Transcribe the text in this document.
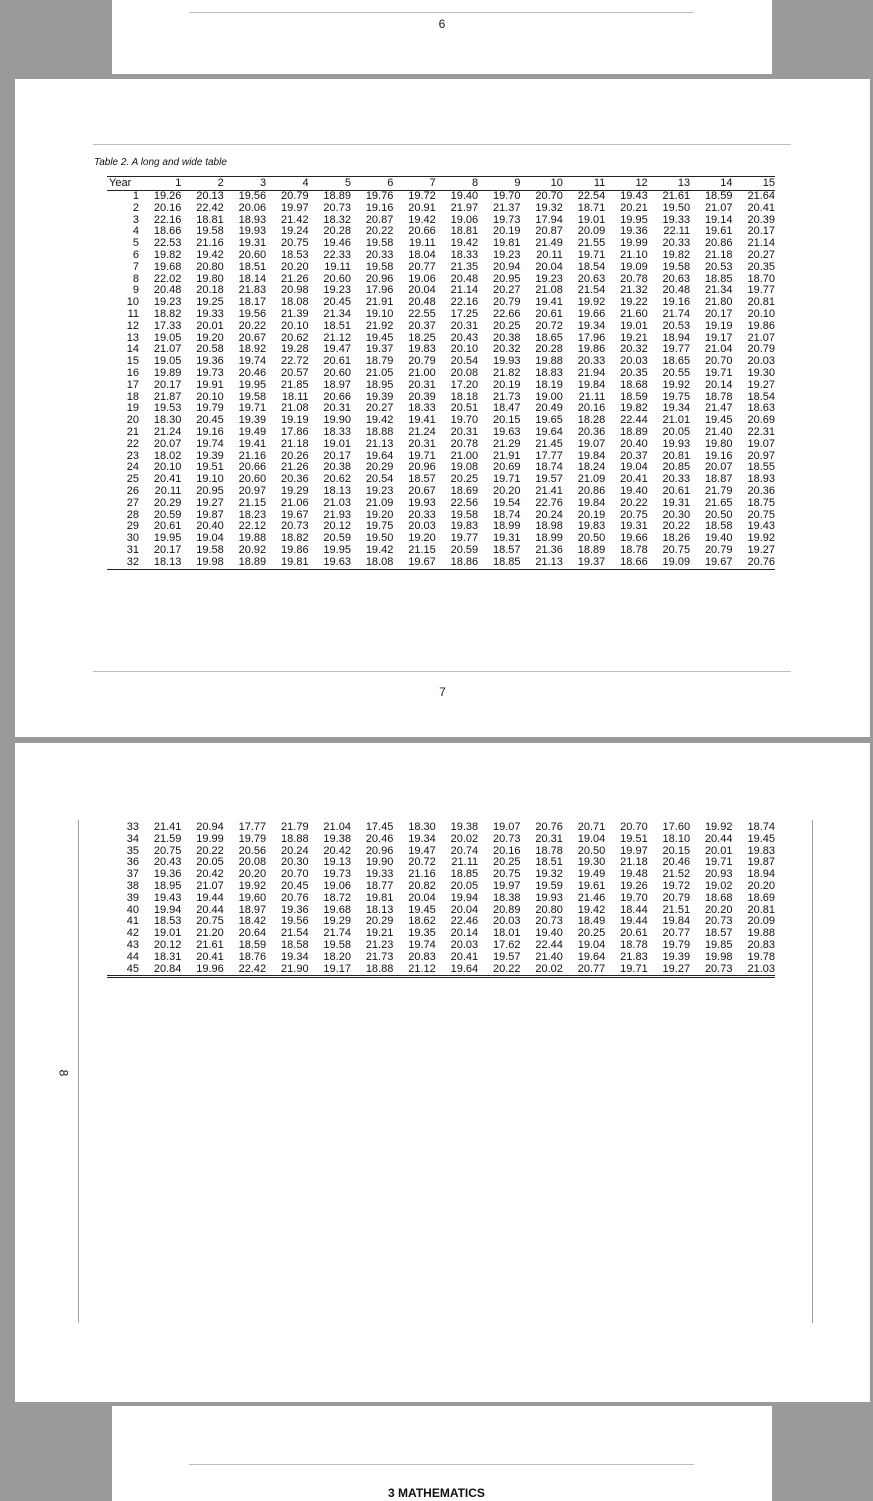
6
7
Table 2. A long and wide table
Year	1	2	3	4	5	6	7	8	9	10	11	12	13	14	15
1	19.26	20.13	19.56	20.79	18.89	19.76	19.72	19.40	19.70	20.70	22.54	19.43	21.61	18.59	21.64
2	20.16	22.42	20.06	19.97	20.73	19.16	20.91	21.97	21.37	19.32	18.71	20.21	19.50	21.07	20.41
3	22.16	18.81	18.93	21.42	18.32	20.87	19.42	19.06	19.73	17.94	19.01	19.95	19.33	19.14	20.39
4	18.66	19.58	19.93	19.24	20.28	20.22	20.66	18.81	20.19	20.87	20.09	19.36	22.11	19.61	20.17
5	22.53	21.16	19.31	20.75	19.46	19.58	19.11	19.42	19.81	21.49	21.55	19.99	20.33	20.86	21.14
6	19.82	19.42	20.60	18.53	22.33	20.33	18.04	18.33	19.23	20.11	19.71	21.10	19.82	21.18	20.27
7	19.68	20.80	18.51	20.20	19.11	19.58	20.77	21.35	20.94	20.04	18.54	19.09	19.58	20.53	20.35
8	22.02	19.80	18.14	21.26	20.60	20.96	19.06	20.48	20.95	19.23	20.63	20.78	20.63	18.85	18.70
9	20.48	20.18	21.83	20.98	19.23	17.96	20.04	21.14	20.27	21.08	21.54	21.32	20.48	21.34	19.77
10	19.23	19.25	18.17	18.08	20.45	21.91	20.48	22.16	20.79	19.41	19.92	19.22	19.16	21.80	20.81
11	18.82	19.33	19.56	21.39	21.34	19.10	22.55	17.25	22.66	20.61	19.66	21.60	21.74	20.17	20.10
12	17.33	20.01	20.22	20.10	18.51	21.92	20.37	20.31	20.25	20.72	19.34	19.01	20.53	19.19	19.86
13	19.05	19.20	20.67	20.62	21.12	19.45	18.25	20.43	20.38	18.65	17.96	19.21	18.94	19.17	21.07
14	21.07	20.58	18.92	19.28	19.47	19.37	19.83	20.10	20.32	20.28	19.86	20.32	19.77	21.04	20.79
15	19.05	19.36	19.74	22.72	20.61	18.79	20.79	20.54	19.93	19.88	20.33	20.03	18.65	20.70	20.03
16	19.89	19.73	20.46	20.57	20.60	21.05	21.00	20.08	21.82	18.83	21.94	20.35	20.55	19.71	19.30
17	20.17	19.91	19.95	21.85	18.97	18.95	20.31	17.20	20.19	18.19	19.84	18.68	19.92	20.14	19.27
18	21.87	20.10	19.58	18.11	20.66	19.39	20.39	18.18	21.73	19.00	21.11	18.59	19.75	18.78	18.54
19	19.53	19.79	19.71	21.08	20.31	20.27	18.33	20.51	18.47	20.49	20.16	19.82	19.34	21.47	18.63
20	18.30	20.45	19.39	19.19	19.90	19.42	19.41	19.70	20.15	19.65	18.28	22.44	21.01	19.45	20.69
21	21.24	19.16	19.49	17.86	18.33	18.88	21.24	20.31	19.63	19.64	20.36	18.89	20.05	21.40	22.31
22	20.07	19.74	19.41	21.18	19.01	21.13	20.31	20.78	21.29	21.45	19.07	20.40	19.93	19.80	19.07
23	18.02	19.39	21.16	20.26	20.17	19.64	19.71	21.00	21.91	17.77	19.84	20.37	20.81	19.16	20.97
24	20.10	19.51	20.66	21.26	20.38	20.29	20.96	19.08	20.69	18.74	18.24	19.04	20.85	20.07	18.55
25	20.41	19.10	20.60	20.36	20.62	20.54	18.57	20.25	19.71	19.57	21.09	20.41	20.33	18.87	18.93
26	20.11	20.95	20.97	19.29	18.13	19.23	20.67	18.69	20.20	21.41	20.86	19.40	20.61	21.79	20.36
27	20.29	19.27	21.15	21.06	21.03	21.09	19.93	22.56	19.54	22.76	19.84	20.22	19.31	21.65	18.75
28	20.59	19.87	18.23	19.67	21.93	19.20	20.33	19.58	18.74	20.24	20.19	20.75	20.30	20.50	20.75
29	20.61	20.40	22.12	20.73	20.12	19.75	20.03	19.83	18.99	18.98	19.83	19.31	20.22	18.58	19.43
30	19.95	19.04	19.88	18.82	20.59	19.50	19.20	19.77	19.31	18.99	20.50	19.66	18.26	19.40	19.92
31	20.17	19.58	20.92	19.86	19.95	19.42	21.15	20.59	18.57	21.36	18.89	18.78	20.75	20.79	19.27
32	18.13	19.98	18.89	19.81	19.63	18.08	19.67	18.86	18.85	21.13	19.37	18.66	19.09	19.67	20.76
8
33	21.41	20.94	17.77	21.79	21.04	17.45	18.30	19.38	19.07	20.76	20.71	20.70	17.60	19.92	18.74
34	21.59	19.99	19.79	18.88	19.38	20.46	19.34	20.02	20.73	20.31	19.04	19.51	18.10	20.44	19.45
35	20.75	20.22	20.56	20.24	20.42	20.96	19.47	20.74	20.16	18.78	20.50	19.97	20.15	20.01	19.83
36	20.43	20.05	20.08	20.30	19.13	19.90	20.72	21.11	20.25	18.51	19.30	21.18	20.46	19.71	19.87
37	19.36	20.42	20.20	20.70	19.73	19.33	21.16	18.85	20.75	19.32	19.49	19.48	21.52	20.93	18.94
38	18.95	21.07	19.92	20.45	19.06	18.77	20.82	20.05	19.97	19.59	19.61	19.26	19.72	19.02	20.20
39	19.43	19.44	19.60	20.76	18.72	19.81	20.04	19.94	18.38	19.93	21.46	19.70	20.79	18.68	18.69
40	19.94	20.44	18.97	19.36	19.68	18.13	19.45	20.04	20.89	20.80	19.42	18.44	21.51	20.20	20.81
41	18.53	20.75	18.42	19.56	19.29	20.29	18.62	22.46	20.03	20.73	18.49	19.44	19.84	20.73	20.09
42	19.01	21.20	20.64	21.54	21.74	19.21	19.35	20.14	18.01	19.40	20.25	20.61	20.77	18.57	19.88
43	20.12	21.61	18.59	18.58	19.58	21.23	19.74	20.03	17.62	22.44	19.04	18.78	19.79	19.85	20.83
44	18.31	20.41	18.76	19.34	18.20	21.73	20.83	20.41	19.57	21.40	19.64	21.83	19.39	19.98	19.78
45	20.84	19.96	22.42	21.90	19.17	18.88	21.12	19.64	20.22	20.02	20.77	19.71	19.27	20.73	21.03
3 MATHEMATICS
